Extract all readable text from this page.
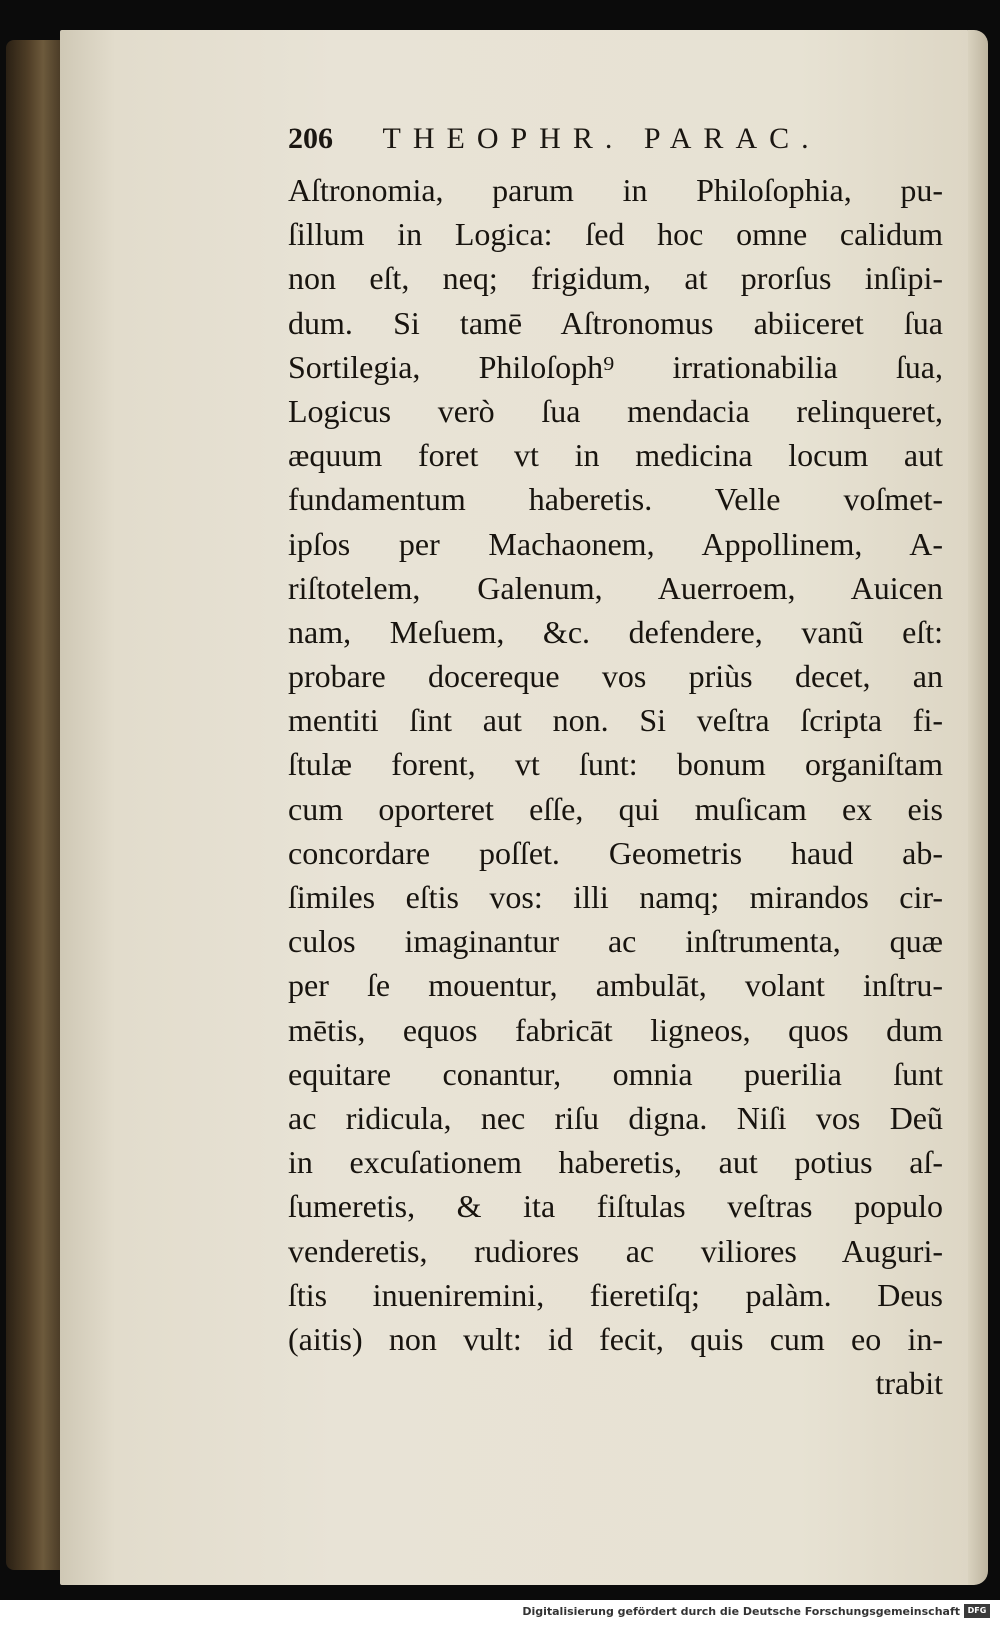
206 THEOPHR. PARAC.
Aſtronomia, parum in Philoſophia, pu-
ſillum in Logica: ſed hoc omne calidum
non eſt, neq; frigidum, at prorſus inſipi-
dum. Si tamē Aſtronomus abiiceret ſua
Sortilegia, Philoſoph⁹ irrationabilia ſua,
Logicus verò ſua mendacia relinqueret,
æquum foret vt in medicina locum aut
fundamentum haberetis. Velle voſmet-
ipſos per Machaonem, Appollinem, A-
riſtotelem, Galenum, Auerroem, Auicen
nam, Meſuem, &c. defendere, vanũ eſt:
probare docereque vos priùs decet, an
mentiti ſint aut non. Si veſtra ſcripta fi-
ſtulæ forent, vt ſunt: bonum organiſtam
cum oporteret eſſe, qui muſicam ex eis
concordare poſſet. Geometris haud ab-
ſimiles eſtis vos: illi namq; mirandos cir-
culos imaginantur ac inſtrumenta, quæ
per ſe mouentur, ambulāt, volant inſtru-
mētis, equos fabricāt ligneos, quos dum
equitare conantur, omnia puerilia ſunt
ac ridicula, nec riſu digna. Niſi vos Deũ
in excuſationem haberetis, aut potius aſ-
ſumeretis, & ita fiſtulas veſtras populo
venderetis, rudiores ac viliores Auguri-
ſtis inueniremini, fieretiſq; palàm. Deus
(aitis) non vult: id fecit, quis cum eo in-
trabit
Digitalisierung gefördert durch die Deutsche Forschungsgemeinschaft DFG
